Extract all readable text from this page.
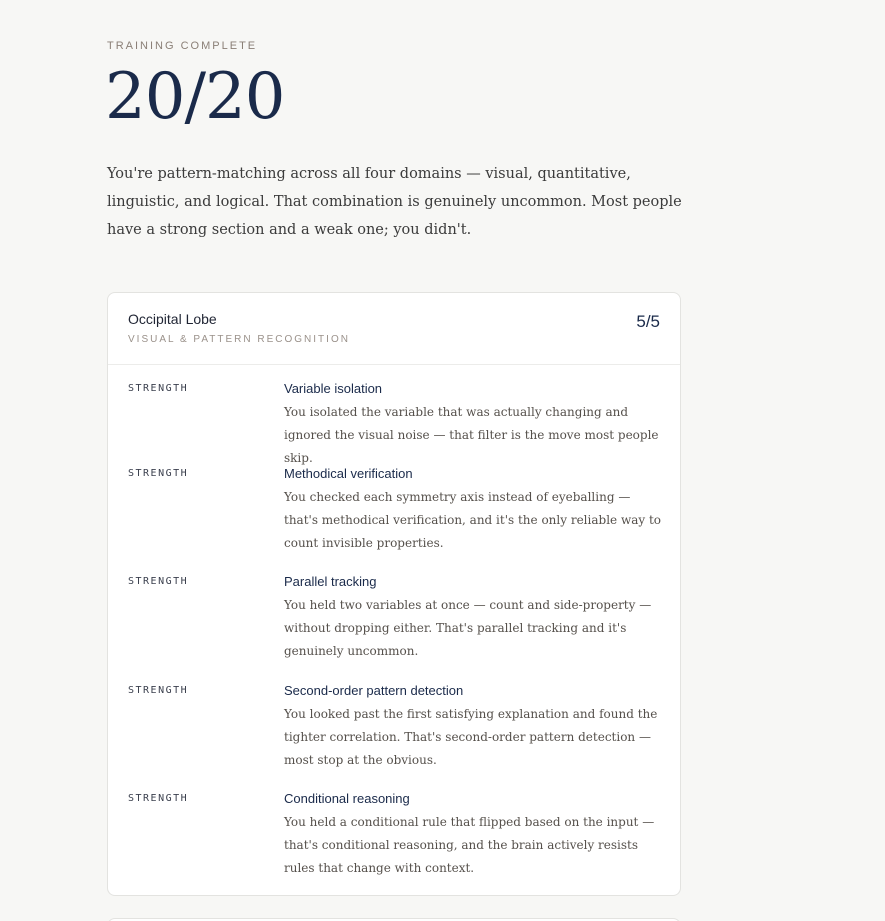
TRAINING COMPLETE
20/20
You're pattern-matching across all four domains — visual, quantitative, linguistic, and logical. That combination is genuinely uncommon. Most people have a strong section and a weak one; you didn't.
Occipital Lobe
VISUAL & PATTERN RECOGNITION
5/5
STRENGTH	Variable isolation
You isolated the variable that was actually changing and ignored the visual noise — that filter is the move most people skip.
STRENGTH	Methodical verification
You checked each symmetry axis instead of eyeballing — that's methodical verification, and it's the only reliable way to count invisible properties.
STRENGTH	Parallel tracking
You held two variables at once — count and side-property — without dropping either. That's parallel tracking and it's genuinely uncommon.
STRENGTH	Second-order pattern detection
You looked past the first satisfying explanation and found the tighter correlation. That's second-order pattern detection — most stop at the obvious.
STRENGTH	Conditional reasoning
You held a conditional rule that flipped based on the input — that's conditional reasoning, and the brain actively resists rules that change with context.
